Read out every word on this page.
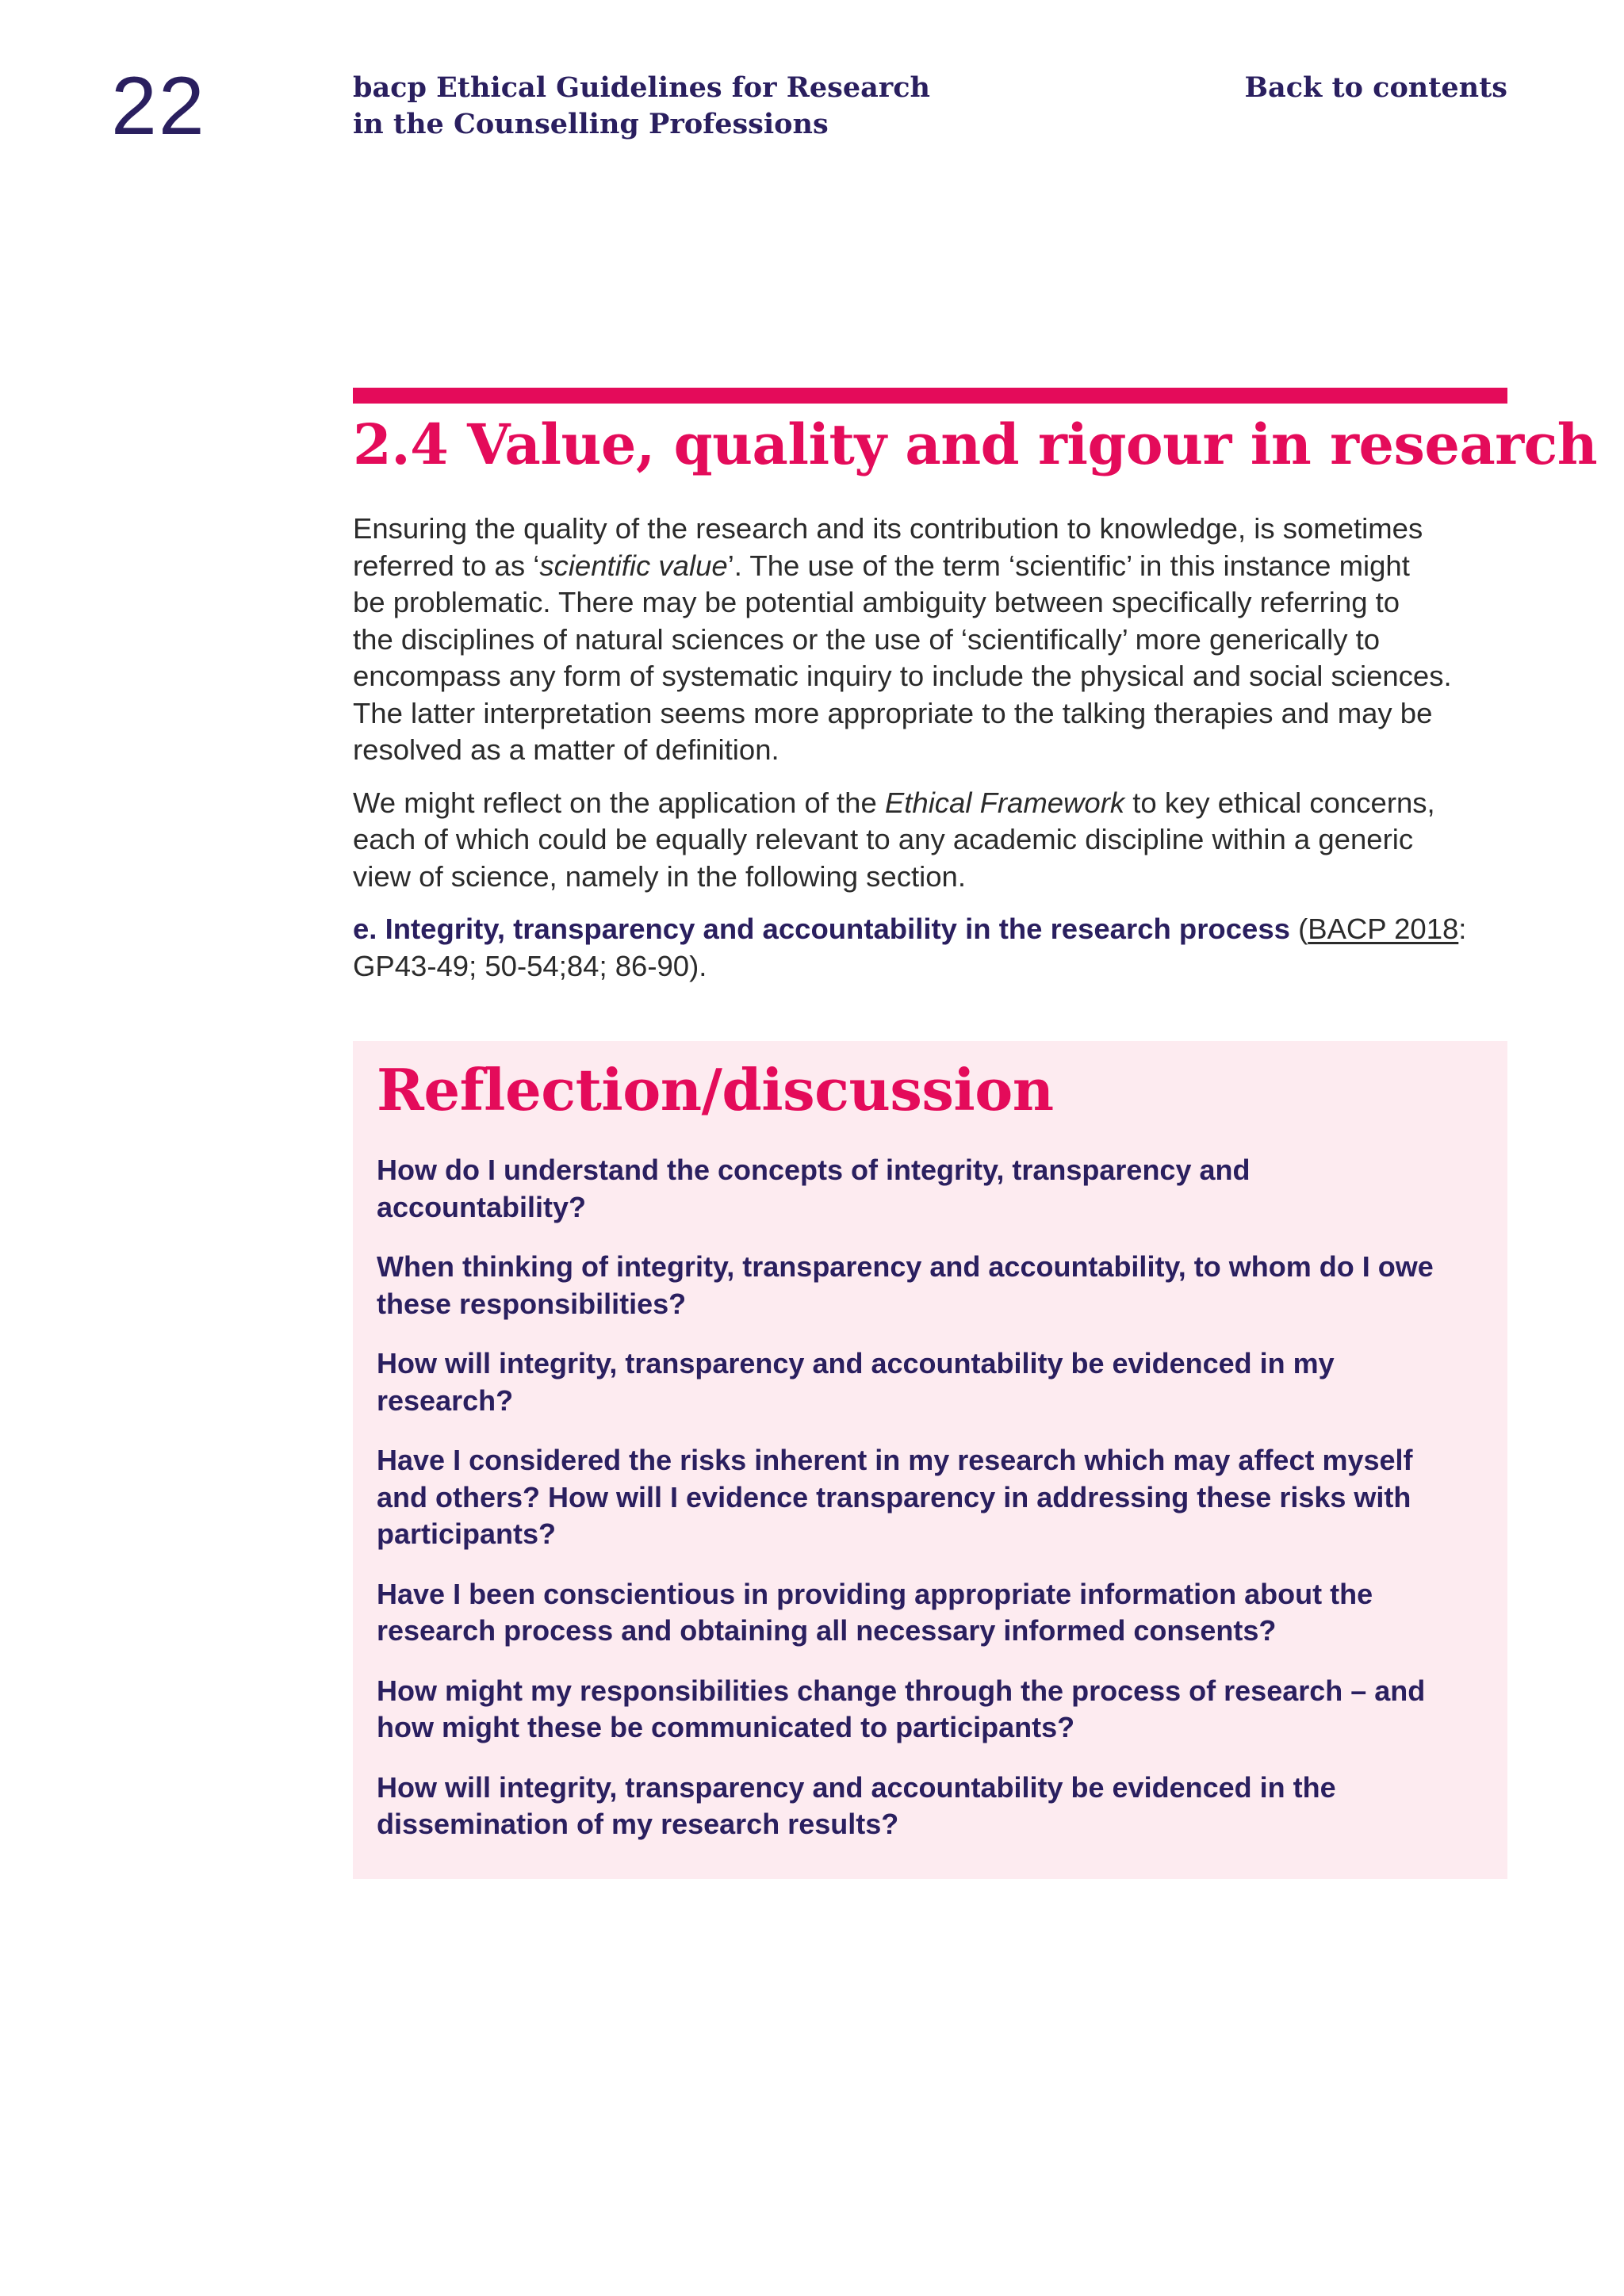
22	bacp Ethical Guidelines for Research
in the Counselling Professions
Back to contents
2.4 Value, quality and rigour in research

Ensuring the quality of the research and its contribution to knowledge, is sometimes
referred to as ‘scientific value’. The use of the term ‘scientific’ in this instance might
be problematic. There may be potential ambiguity between specifically referring to
the disciplines of natural sciences or the use of ‘scientifically’ more generically to
encompass any form of systematic inquiry to include the physical and social sciences.
The latter interpretation seems more appropriate to the talking therapies and may be
resolved as a matter of definition.

We might reflect on the application of the Ethical Framework to key ethical concerns,
each of which could be equally relevant to any academic discipline within a generic
view of science, namely in the following section.

e. Integrity, transparency and accountability in the research process (BACP 2018:
GP43-49; 50-54;84; 86-90).

Reflection/discussion
How do I understand the concepts of integrity, transparency and
accountability?
When thinking of integrity, transparency and accountability, to whom do I owe
these responsibilities?
How will integrity, transparency and accountability be evidenced in my
research?
Have I considered the risks inherent in my research which may affect myself
and others? How will I evidence transparency in addressing these risks with
participants?
Have I been conscientious in providing appropriate information about the
research process and obtaining all necessary informed consents?
How might my responsibilities change through the process of research – and
how might these be communicated to participants?
How will integrity, transparency and accountability be evidenced in the
dissemination of my research results?
